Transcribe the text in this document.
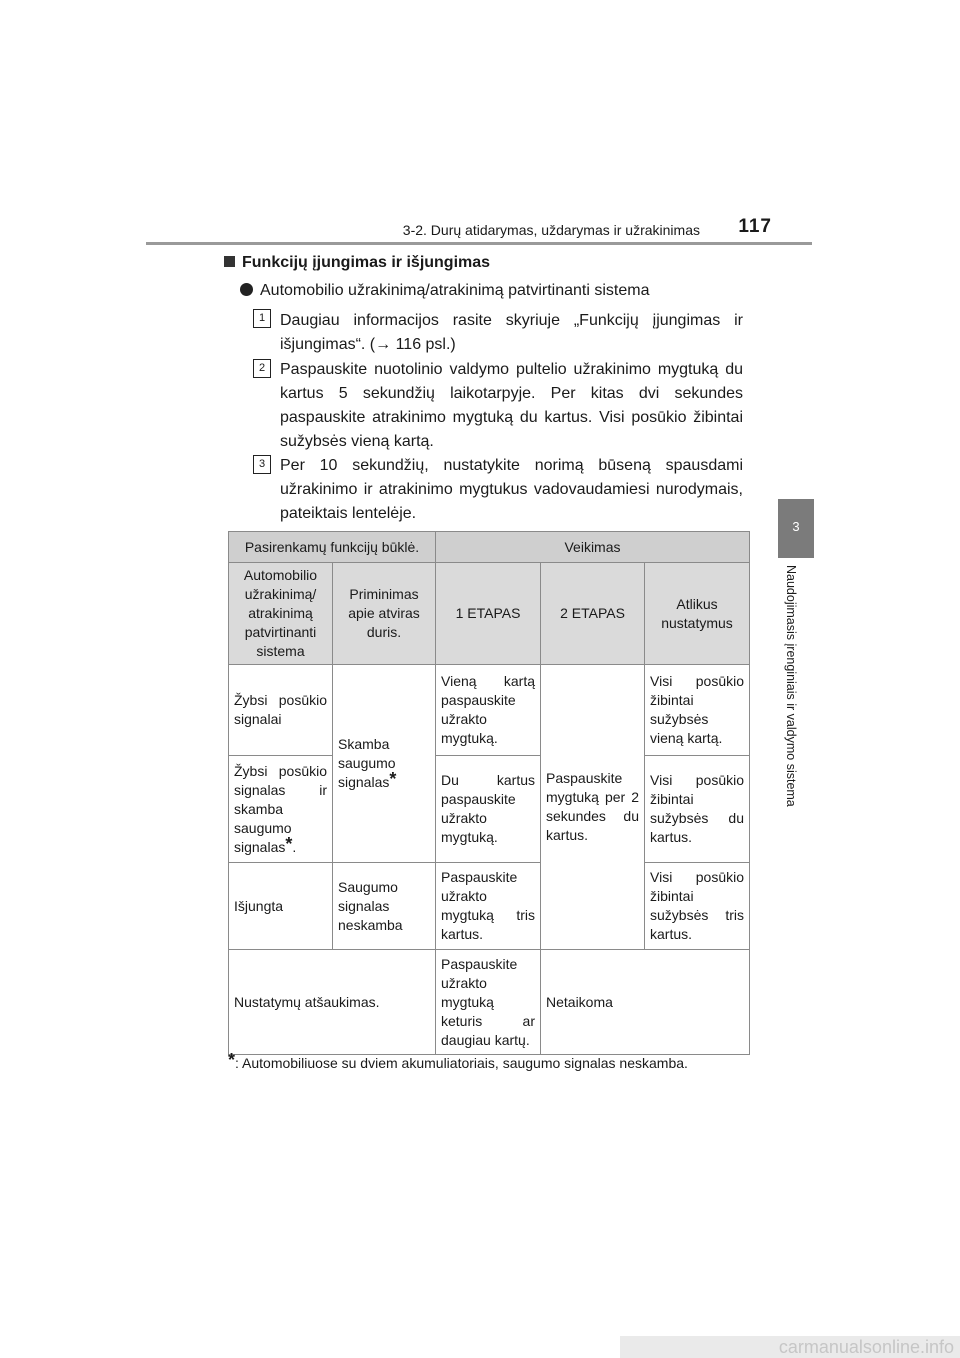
3-2. Durų atidarymas, uždarymas ir užrakinimas 117
3
Naudojimasis įrenginiais ir valdymo sistema
Funkcijų įjungimas ir išjungimas
Automobilio užrakinimą/atrakinimą patvirtinanti sistema
1 Daugiau informacijos rasite skyriuje „Funkcijų įjungimas ir išjungimas“. (→ 116 psl.)
2 Paspauskite nuotolinio valdymo pultelio užrakinimo mygtuką du kartus 5 sekundžių laikotarpyje. Per kitas dvi sekundes paspauskite atrakinimo mygtuką du kartus. Visi posūkio žibintai sužybsės vieną kartą.
3 Per 10 sekundžių, nustatykite norimą būseną spausdami užrakinimo ir atrakinimo mygtukus vadovaudamiesi nurodymais, pateiktais lentelėje.
Pasirenkamų funkcijų būklė.		Veikimas		
Automobilio užrakinimą/ atrakinimą patvirtinanti sistema	Priminimas apie atviras duris.	1 ETAPAS	2 ETAPAS	Atlikus nustatymus
Žybsi posūkio signalai	Skamba saugumo signalas*	Vieną kartą paspauskite užrakto mygtuką.	Paspauskite mygtuką per 2 sekundes du kartus.	Visi posūkio žibintai sužybsės vieną kartą.
Žybsi posūkio signalas ir skamba saugumo signalas*.		Du kartus paspauskite užrakto mygtuką.		Visi posūkio žibintai sužybsės du kartus.
Išjungta	Saugumo signalas neskamba	Paspauskite užrakto mygtuką tris kartus.		Visi posūkio žibintai sužybsės tris kartus.
Nustatymų atšaukimas.		Paspauskite užrakto mygtuką keturis ar daugiau kartų.	Netaikoma	
*: Automobiliuose su dviem akumuliatoriais, saugumo signalas neskamba.
carmanualsonline.info
